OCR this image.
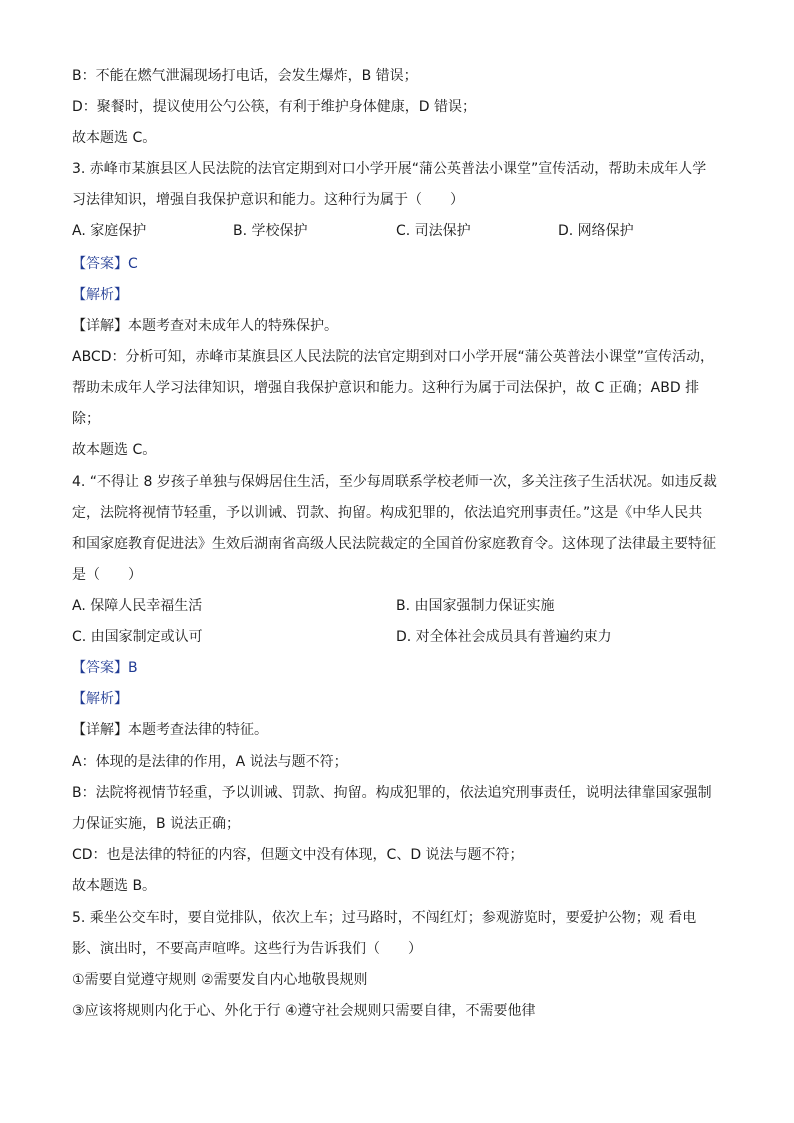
B：不能在燃气泄漏现场打电话，会发生爆炸，B 错误；
D：聚餐时，提议使用公勺公筷，有利于维护身体健康，D 错误；
故本题选 C。
3. 赤峰市某旗县区人民法院的法官定期到对口小学开展“蒲公英普法小课堂”宣传活动，帮助未成年人学
习法律知识，增强自我保护意识和能力。这种行为属于（　　）
A. 家庭保护	B. 学校保护	C. 司法保护	D. 网络保护
【答案】C
【解析】
【详解】本题考查对未成年人的特殊保护。
ABCD：分析可知，赤峰市某旗县区人民法院的法官定期到对口小学开展“蒲公英普法小课堂”宣传活动，
帮助未成年人学习法律知识，增强自我保护意识和能力。这种行为属于司法保护，故 C 正确；ABD 排
除；
故本题选 C。
4. “不得让 8 岁孩子单独与保姆居住生活，至少每周联系学校老师一次，多关注孩子生活状况。如违反裁
定，法院将视情节轻重，予以训诫、罚款、拘留。构成犯罪的，依法追究刑事责任。”这是《中华人民共
和国家庭教育促进法》生效后湖南省高级人民法院裁定的全国首份家庭教育令。这体现了法律最主要特征
是（　　）
A. 保障人民幸福生活	B. 由国家强制力保证实施
C. 由国家制定或认可	D. 对全体社会成员具有普遍约束力
【答案】B
【解析】
【详解】本题考查法律的特征。
A：体现的是法律的作用，A 说法与题不符；
B：法院将视情节轻重，予以训诫、罚款、拘留。构成犯罪的，依法追究刑事责任，说明法律靠国家强制
力保证实施，B 说法正确；
CD：也是法律的特征的内容，但题文中没有体现，C、D 说法与题不符；
故本题选 B。
5. 乘坐公交车时，要自觉排队，依次上车；过马路时，不闯红灯；参观游览时，要爱护公物；观 看电
影、演出时，不要高声喧哗。这些行为告诉我们（　　）
①需要自觉遵守规则 ②需要发自内心地敬畏规则
③应该将规则内化于心、外化于行 ④遵守社会规则只需要自律，不需要他律
